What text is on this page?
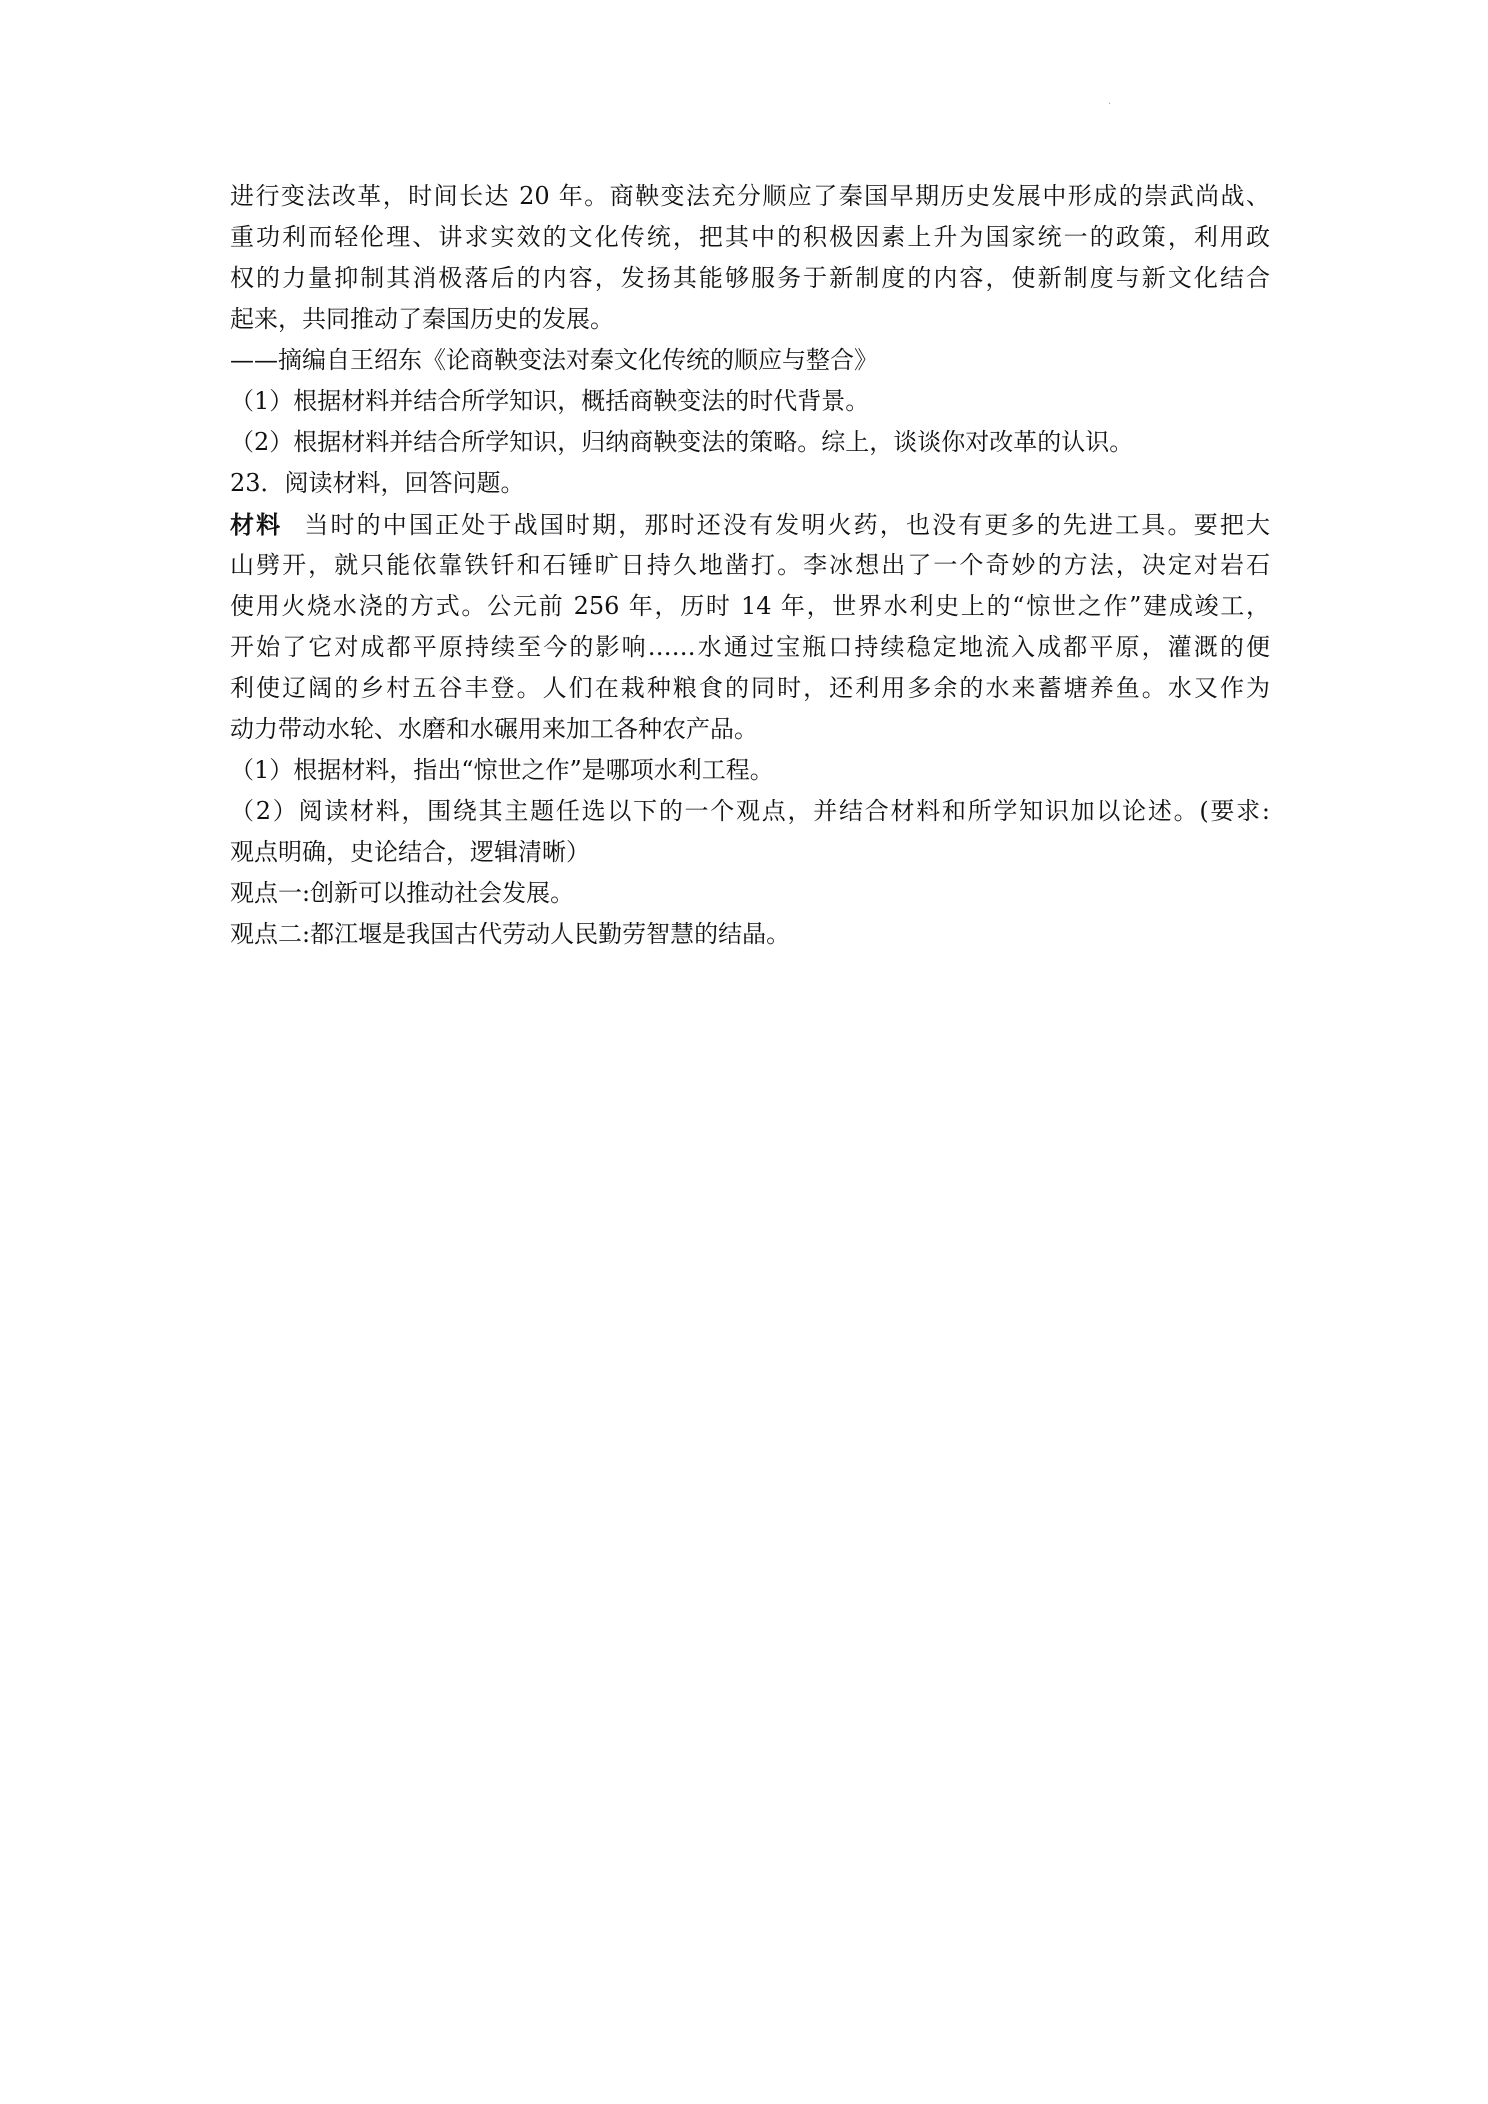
.
进行变法改革，时间长达 20 年。商鞅变法充分顺应了秦国早期历史发展中形成的崇武尚战、
重功利而轻伦理、讲求实效的文化传统，把其中的积极因素上升为国家统一的政策，利用政
权的力量抑制其消极落后的内容，发扬其能够服务于新制度的内容，使新制度与新文化结合
起来，共同推动了秦国历史的发展。
——摘编自王绍东《论商鞅变法对秦文化传统的顺应与整合》
（1）根据材料并结合所学知识，概括商鞅变法的时代背景。
（2）根据材料并结合所学知识，归纳商鞅变法的策略。综上，谈谈你对改革的认识。
23．阅读材料，回答问题。
材料 当时的中国正处于战国时期，那时还没有发明火药，也没有更多的先进工具。要把大
山劈开，就只能依靠铁钎和石锤旷日持久地凿打。李冰想出了一个奇妙的方法，决定对岩石
使用火烧水浇的方式。公元前 256 年，历时 14 年，世界水利史上的“惊世之作”建成竣工，
开始了它对成都平原持续至今的影响……水通过宝瓶口持续稳定地流入成都平原，灌溉的便
利使辽阔的乡村五谷丰登。人们在栽种粮食的同时，还利用多余的水来蓄塘养鱼。水又作为
动力带动水轮、水磨和水碾用来加工各种农产品。
（1）根据材料，指出“惊世之作”是哪项水利工程。
（2）阅读材料，围绕其主题任选以下的一个观点，并结合材料和所学知识加以论述。(要求:
观点明确，史论结合，逻辑清晰）
观点一:创新可以推动社会发展。
观点二:都江堰是我国古代劳动人民勤劳智慧的结晶。
